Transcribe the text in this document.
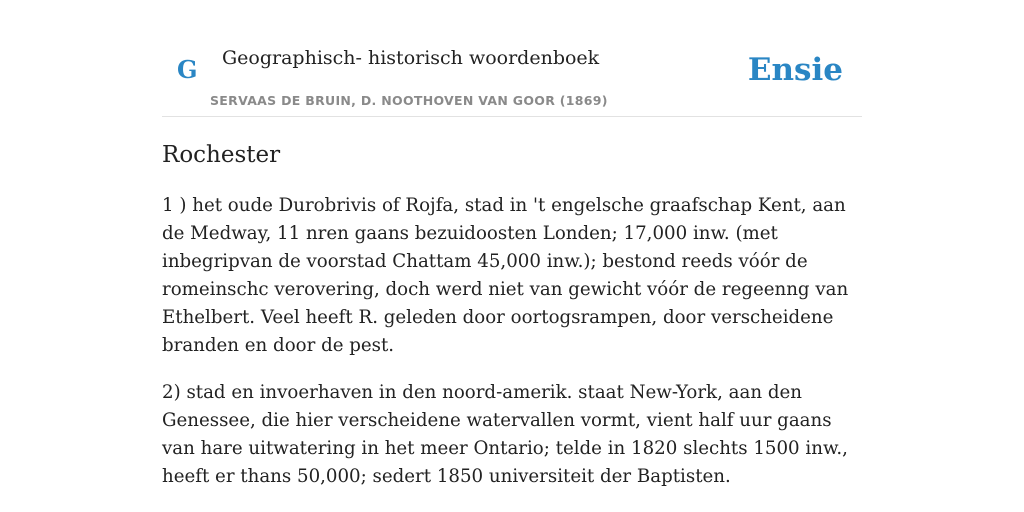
G Geographisch- historisch woordenboek
SERVAAS DE BRUIN, D. NOOTHOVEN VAN GOOR (1869)
Ensie
Rochester

1 ) het oude Durobrivis of Rojfa, stad in 't engelsche graafschap Kent, aan de Medway, 11 nren gaans bezuidoosten Londen; 17,000 inw. (met inbegripvan de voorstad Chattam 45,000 inw.); bestond reeds vóór de romeinschc verovering, doch werd niet van gewicht vóór de regeenng van Ethelbert. Veel heeft R. geleden door oortogsrampen, door verscheidene branden en door de pest.

2) stad en invoerhaven in den noord-amerik. staat New-York, aan den Genessee, die hier verscheidene watervallen vormt, vient half uur gaans van hare uitwatering in het meer Ontario; telde in 1820 slechts 1500 inw., heeft er thans 50,000; sedert 1850 universiteit der Baptisten.
